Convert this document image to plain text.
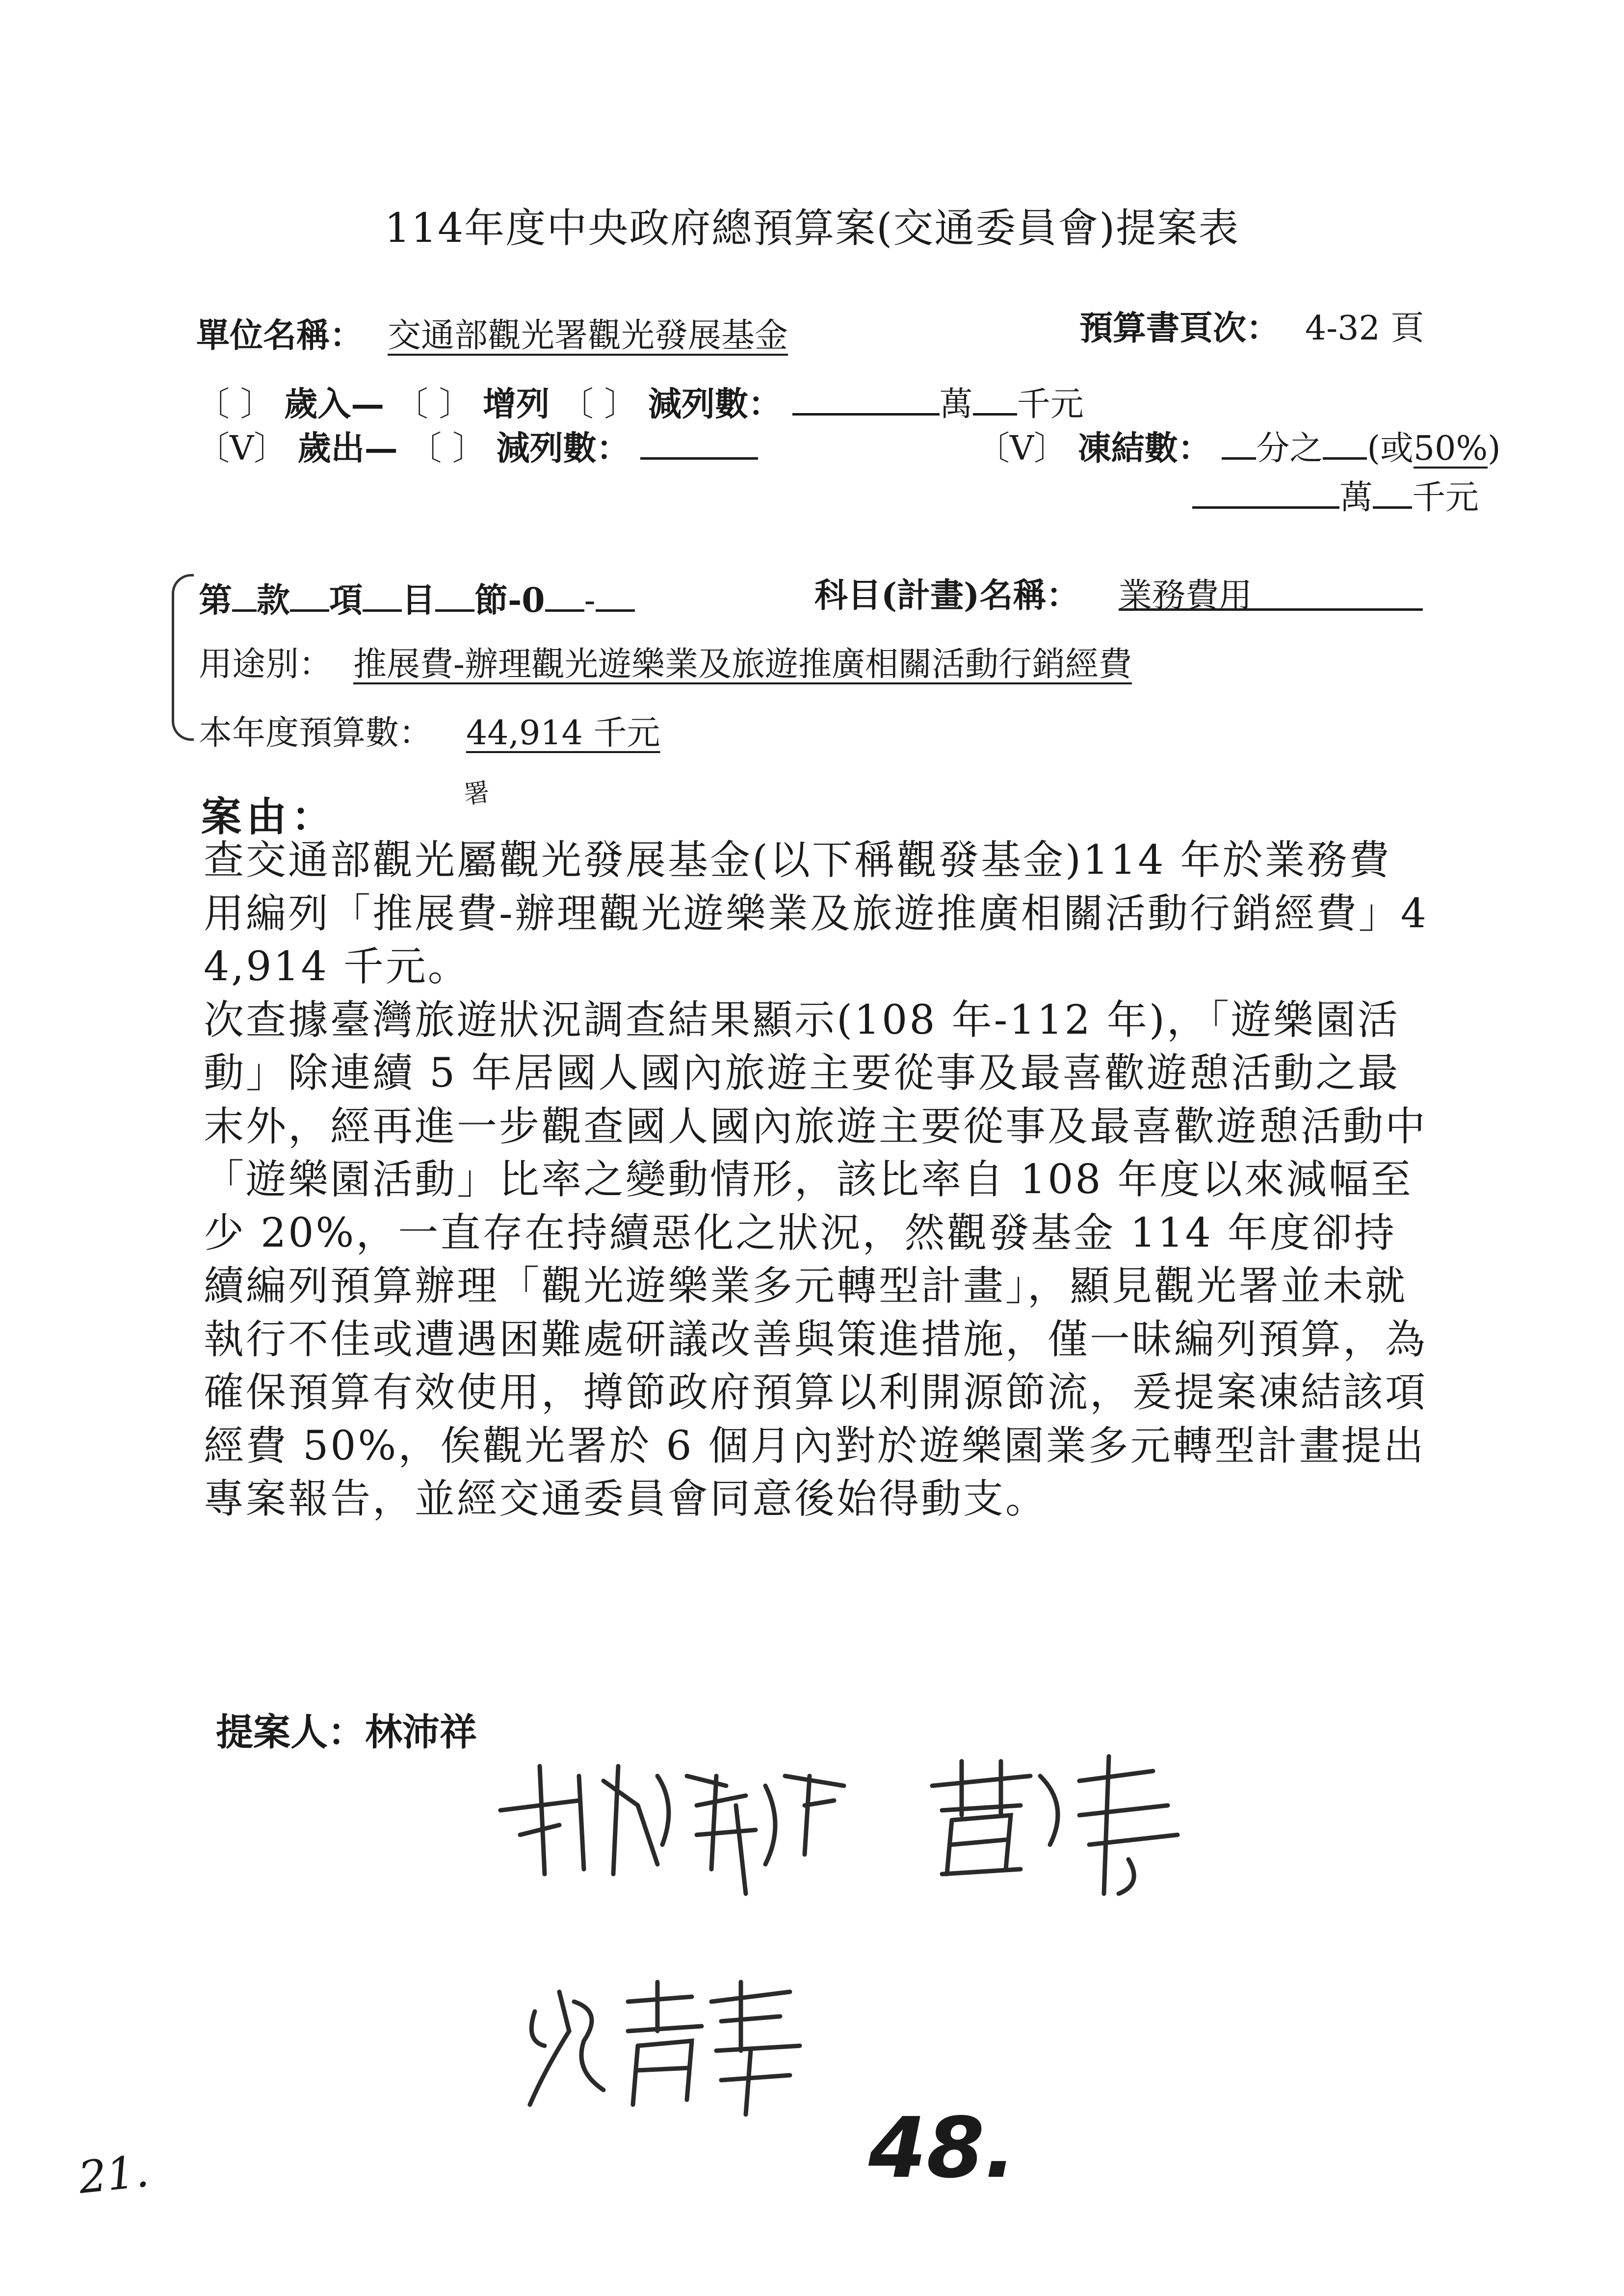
114年度中央政府總預算案(交通委員會)提案表
單位名稱： 交通部觀光署觀光發展基金	預算書頁次： 4-32 頁
〔 〕 歲入— 〔 〕 增列 〔 〕 減列數：	萬 千元
〔V〕 歲出— 〔 〕 減列數：	〔V〕 凍結數： 分之 (或50%)
萬 千元
第 款 項 目 節-0 -	科目(計畫)名稱： 業務費用
用途別： 推展費-辦理觀光遊樂業及旅遊推廣相關活動行銷經費
本年度預算數： 44,914 千元
案由：	署
查交通部觀光屬觀光發展基金(以下稱觀發基金)114 年於業務費用編列「推展費-辦理觀光遊樂業及旅遊推廣相關活動行銷經費」44,914 千元。
次查據臺灣旅遊狀況調查結果顯示(108 年-112 年)，「遊樂園活動」除連續 5 年居國人國內旅遊主要從事及最喜歡遊憩活動之最末外，經再進一步觀查國人國內旅遊主要從事及最喜歡遊憩活動中「遊樂園活動」比率之變動情形，該比率自 108 年度以來減幅至少 20%，一直存在持續惡化之狀況，然觀發基金 114 年度卻持續編列預算辦理「觀光遊樂業多元轉型計畫」，顯見觀光署並未就執行不佳或遭遇困難處研議改善與策進措施，僅一昧編列預算，為確保預算有效使用，撙節政府預算以利開源節流，爰提案凍結該項經費 50%，俟觀光署於 6 個月內對於遊樂園業多元轉型計畫提出專案報告，並經交通委員會同意後始得動支。
提案人：林沛祥
21.	48.
